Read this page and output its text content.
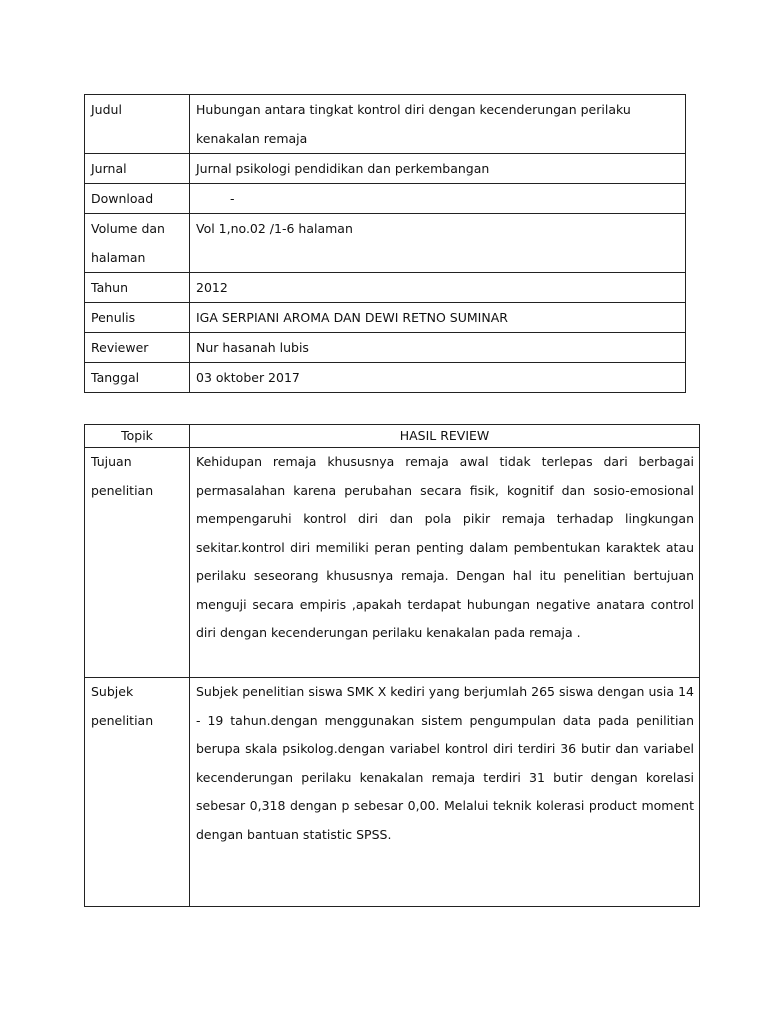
Judul	Hubungan antara tingkat kontrol diri dengan kecenderungan perilaku kenakalan remaja
Jurnal	Jurnal psikologi pendidikan dan perkembangan
Download	-
Volume dan halaman	Vol 1,no.02 /1-6 halaman
Tahun	2012
Penulis	IGA SERPIANI AROMA DAN DEWI RETNO SUMINAR
Reviewer	Nur hasanah lubis
Tanggal	03 oktober 2017
Topik	HASIL REVIEW
Tujuan penelitian	Kehidupan remaja khususnya remaja awal tidak terlepas dari berbagai permasalahan karena perubahan secara fisik, kognitif dan sosio-emosional mempengaruhi kontrol diri dan pola pikir remaja terhadap lingkungan sekitar.kontrol diri memiliki peran penting dalam pembentukan karaktek atau perilaku seseorang khususnya remaja. Dengan hal itu penelitian bertujuan menguji secara empiris ,apakah terdapat hubungan negative anatara control diri dengan kecenderungan perilaku kenakalan pada remaja .
Subjek penelitian	Subjek penelitian siswa SMK X kediri yang berjumlah 265 siswa dengan usia 14 - 19 tahun.dengan menggunakan sistem pengumpulan data pada penilitian berupa skala psikolog.dengan variabel kontrol diri terdiri 36 butir dan variabel kecenderungan perilaku kenakalan remaja terdiri 31 butir dengan korelasi sebesar 0,318 dengan p sebesar 0,00. Melalui teknik kolerasi product moment dengan bantuan statistic SPSS.
